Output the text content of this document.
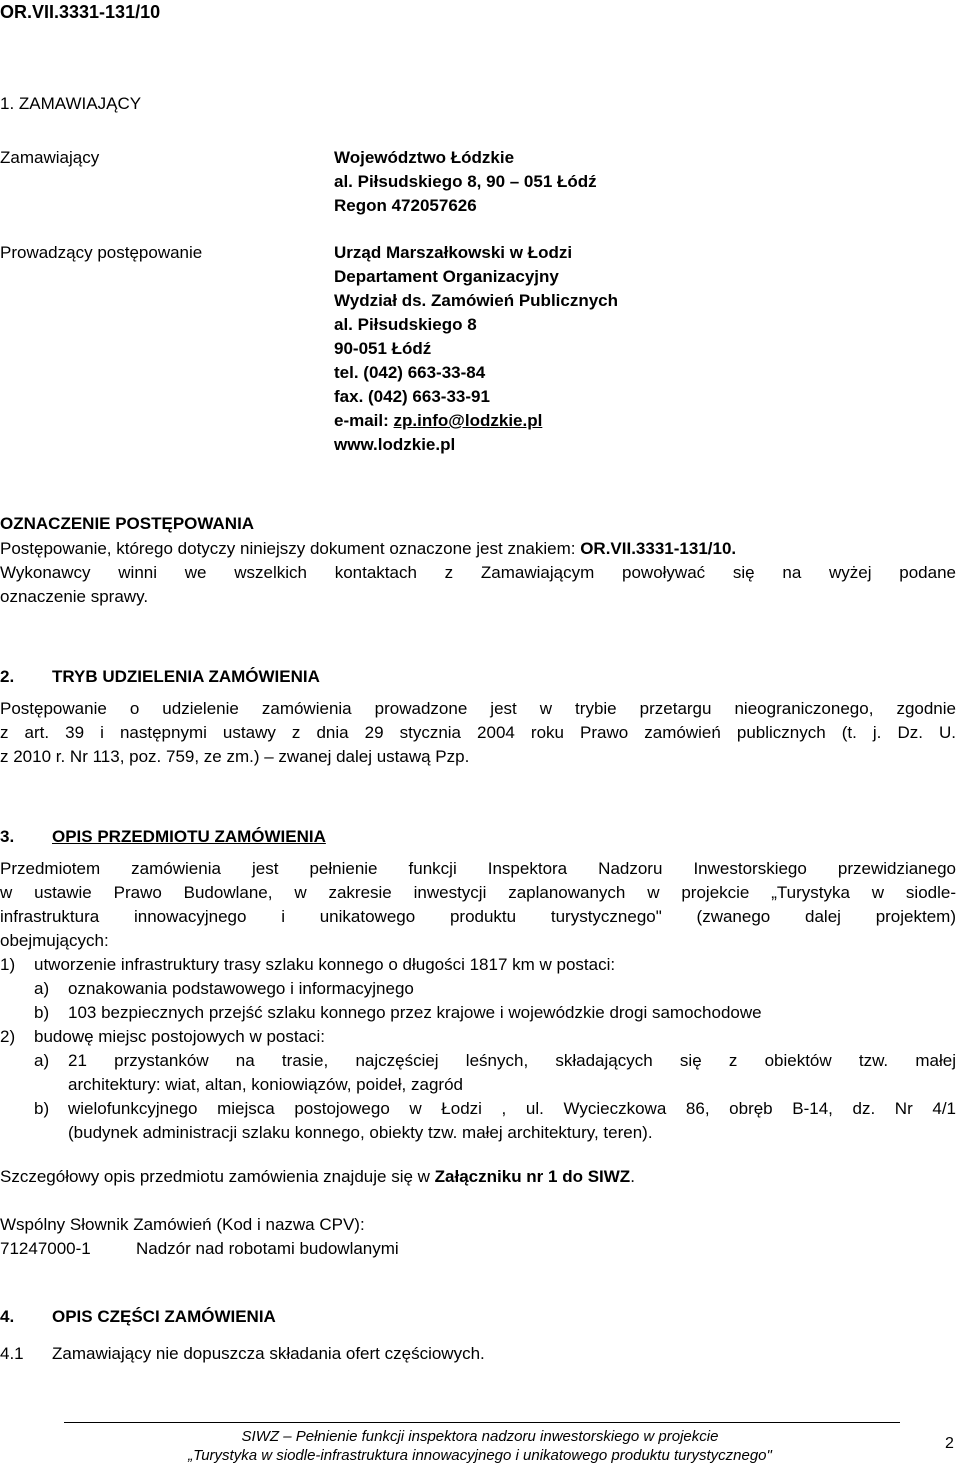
OR.VII.3331-131/10
1. ZAMAWIAJĄCY
Zamawiający	Województwo Łódzkie
al. Piłsudskiego 8, 90 – 051 Łódź
Regon 472057626
Prowadzący postępowanie	Urząd Marszałkowski w Łodzi
Departament Organizacyjny
Wydział ds. Zamówień Publicznych
al. Piłsudskiego 8
90-051 Łódź
tel. (042) 663-33-84
fax. (042) 663-33-91
e-mail: zp.info@lodzkie.pl
www.lodzkie.pl
OZNACZENIE POSTĘPOWANIA
Postępowanie, którego dotyczy niniejszy dokument oznaczone jest znakiem: OR.VII.3331-131/10.
Wykonawcy winni we wszelkich kontaktach z Zamawiającym powoływać się na wyżej podane
oznaczenie sprawy.
2. TRYB UDZIELENIA ZAMÓWIENIA
Postępowanie o udzielenie zamówienia prowadzone jest w trybie przetargu nieograniczonego, zgodnie
z art. 39 i następnymi ustawy z dnia 29 stycznia 2004 roku Prawo zamówień publicznych (t. j. Dz. U.
z 2010 r. Nr 113, poz. 759, ze zm.) – zwanej dalej ustawą Pzp.
3. OPIS PRZEDMIOTU ZAMÓWIENIA
Przedmiotem zamówienia jest pełnienie funkcji Inspektora Nadzoru Inwestorskiego przewidzianego
w ustawie Prawo Budowlane, w zakresie inwestycji zaplanowanych w projekcie „Turystyka w siodle-
infrastruktura innowacyjnego i unikatowego produktu turystycznego" (zwanego dalej projektem)
obejmujących:
1) utworzenie infrastruktury trasy szlaku konnego o długości 1817 km w postaci:
a) oznakowania podstawowego i informacyjnego
b) 103 bezpiecznych przejść szlaku konnego przez krajowe i wojewódzkie drogi samochodowe
2) budowę miejsc postojowych w postaci:
a) 21 przystanków na trasie, najczęściej leśnych, składających się z obiektów tzw. małej
architektury: wiat, altan, koniowiązów, poideł, zagród
b) wielofunkcyjnego miejsca postojowego w Łodzi , ul. Wycieczkowa 86, obręb B-14, dz. Nr 4/1
(budynek administracji szlaku konnego, obiekty tzw. małej architektury, teren).
Szczegółowy opis przedmiotu zamówienia znajduje się w Załączniku nr 1 do SIWZ.
Wspólny Słownik Zamówień (Kod i nazwa CPV):
71247000-1	Nadzór nad robotami budowlanymi
4. OPIS CZĘŚCI ZAMÓWIENIA
4.1 Zamawiający nie dopuszcza składania ofert częściowych.
SIWZ – Pełnienie funkcji inspektora nadzoru inwestorskiego w projekcie
„Turystyka w siodle-infrastruktura innowacyjnego i unikatowego produktu turystycznego"
2
